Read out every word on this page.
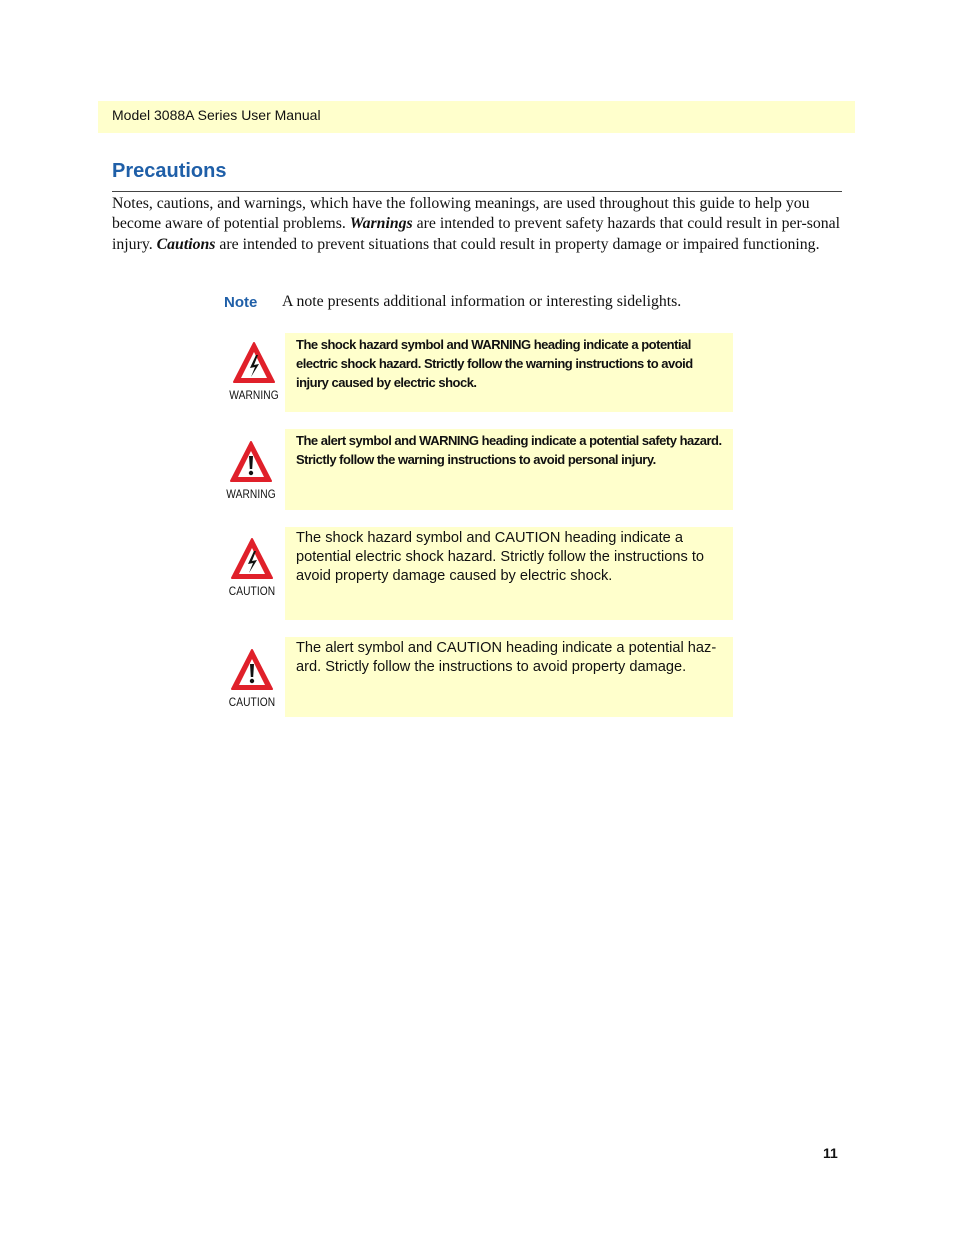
Model 3088A Series User Manual
Precautions
Notes, cautions, and warnings, which have the following meanings, are used throughout this guide to help you become aware of potential problems. Warnings are intended to prevent safety hazards that could result in per-sonal injury. Cautions are intended to prevent situations that could result in property damage or impaired functioning.
Note A note presents additional information or interesting sidelights.
WARNING
The shock hazard symbol and WARNING heading indicate a potential electric shock hazard. Strictly follow the warning instructions to avoid injury caused by electric shock.
WARNING
The alert symbol and WARNING heading indicate a potential safety hazard. Strictly follow the warning instructions to avoid personal injury.
CAUTION
The shock hazard symbol and CAUTION heading indicate a potential electric shock hazard. Strictly follow the instructions to avoid property damage caused by electric shock.
CAUTION
The alert symbol and CAUTION heading indicate a potential haz-ard. Strictly follow the instructions to avoid property damage.
11
